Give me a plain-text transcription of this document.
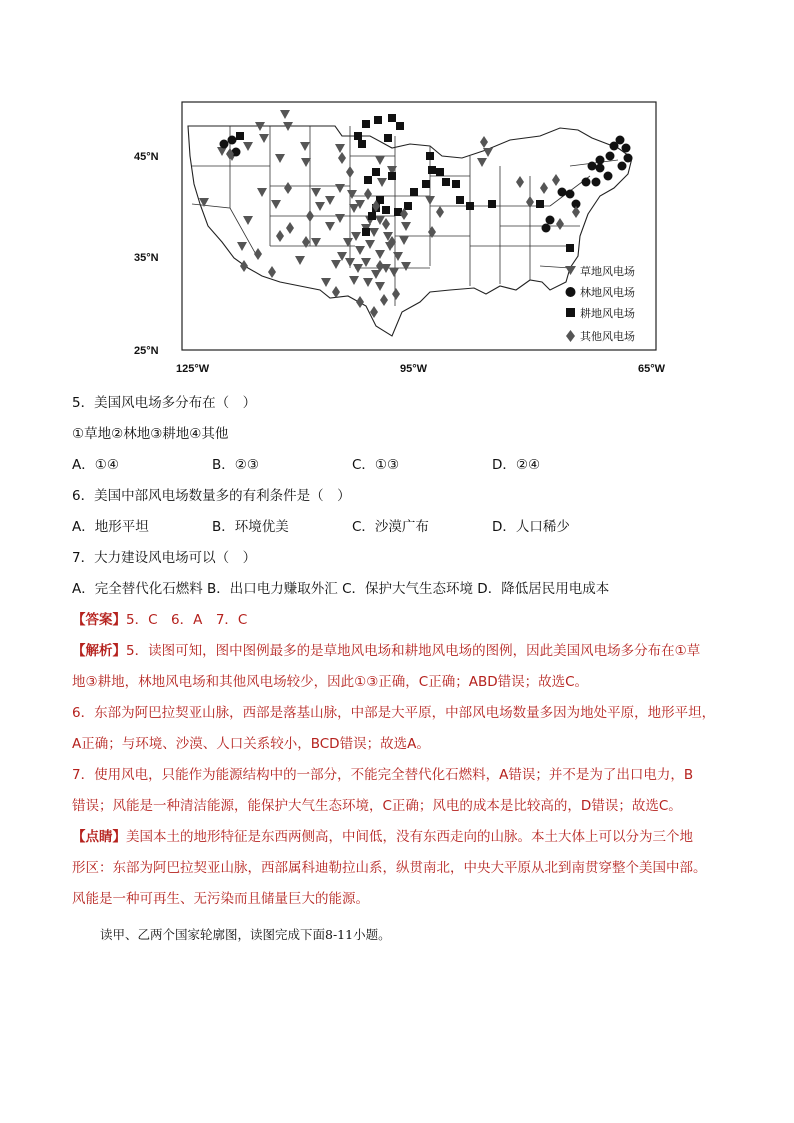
45°N
35°N
25°N
125°W	95°W	65°W
草地风电场
林地风电场
耕地风电场
其他风电场
5．美国风电场多分布在（　）
①草地②林地③耕地④其他
A．①④	B．②③	C．①③	D．②④
6．美国中部风电场数量多的有利条件是（　）
A．地形平坦	B．环境优美	C．沙漠广布	D．人口稀少
7．大力建设风电场可以（　）
A．完全替代化石燃料 B．出口电力赚取外汇 C．保护大气生态环境 D．降低居民用电成本
【答案】5．C　6．A　7．C
【解析】5．读图可知，图中图例最多的是草地风电场和耕地风电场的图例，因此美国风电场多分布在①草
地③耕地，林地风电场和其他风电场较少，因此①③正确，C正确；ABD错误；故选C。
6．东部为阿巴拉契亚山脉，西部是落基山脉，中部是大平原，中部风电场数量多因为地处平原，地形平坦，
A正确；与环境、沙漠、人口关系较小，BCD错误；故选A。
7．使用风电，只能作为能源结构中的一部分，不能完全替代化石燃料，A错误；并不是为了出口电力，B
错误；风能是一种清洁能源，能保护大气生态环境，C正确；风电的成本是比较高的，D错误；故选C。
【点睛】美国本土的地形特征是东西两侧高，中间低，没有东西走向的山脉。本土大体上可以分为三个地
形区：东部为阿巴拉契亚山脉，西部属科迪勒拉山系，纵贯南北，中央大平原从北到南贯穿整个美国中部。
风能是一种可再生、无污染而且储量巨大的能源。
读甲、乙两个国家轮廓图，读图完成下面8-11小题。
